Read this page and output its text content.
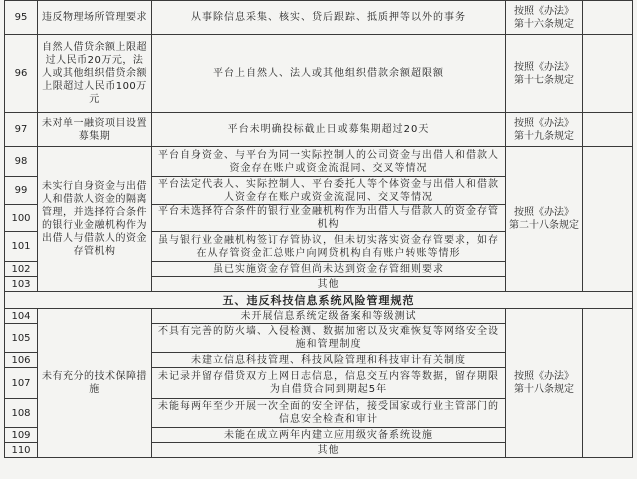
95	违反物理场所管理要求	从事除信息采集、核实、贷后跟踪、抵质押等以外的事务	按照《办法》
第十六条规定	
96	自然人借贷余额上限超过人民币20万元，法人或其他组织借贷余额上限超过人民币100万元	平台上自然人、法人或其他组织借款余额超限额	按照《办法》
第十七条规定	
97	未对单一融资项目设置募集期	平台未明确投标截止日或募集期超过20天	按照《办法》
第十九条规定	
98	未实行自身资金与出借人和借款人资金的隔离管理，并选择符合条件的银行业金融机构作为出借人与借款人的资金存管机构	平台自身资金、与平台为同一实际控制人的公司资金与出借人和借款人资金存在账户或资金流混同、交叉等情况	按照《办法》
第二十八条规定	
99		平台法定代表人、实际控制人、平台委托人等个体资金与出借人和借款人资金存在账户或资金流混同、交叉等情况		
100		平台未选择符合条件的银行业金融机构作为出借人与借款人的资金存管机构		
101		虽与银行业金融机构签订存管协议，但未切实落实资金存管要求，如存在从存管资金汇总账户向网贷机构自有账户转账等情形		
102		虽已实施资金存管但尚未达到资金存管细则要求		
103		其他		
五、违反科技信息系统风险管理规范				
104	未有充分的技术保障措施	未开展信息系统定级备案和等级测试	按照《办法》
第十八条规定	
105		不具有完善的防火墙、入侵检测、数据加密以及灾难恢复等网络安全设施和管理制度		
106		未建立信息科技管理、科技风险管理和科技审计有关制度		
107		未记录并留存借贷双方上网日志信息，信息交互内容等数据，留存期限为自借贷合同到期起5年		
108		未能每两年至少开展一次全面的安全评估，接受国家或行业主管部门的信息安全检查和审计		
109		未能在成立两年内建立应用级灾备系统设施		
110		其他		
